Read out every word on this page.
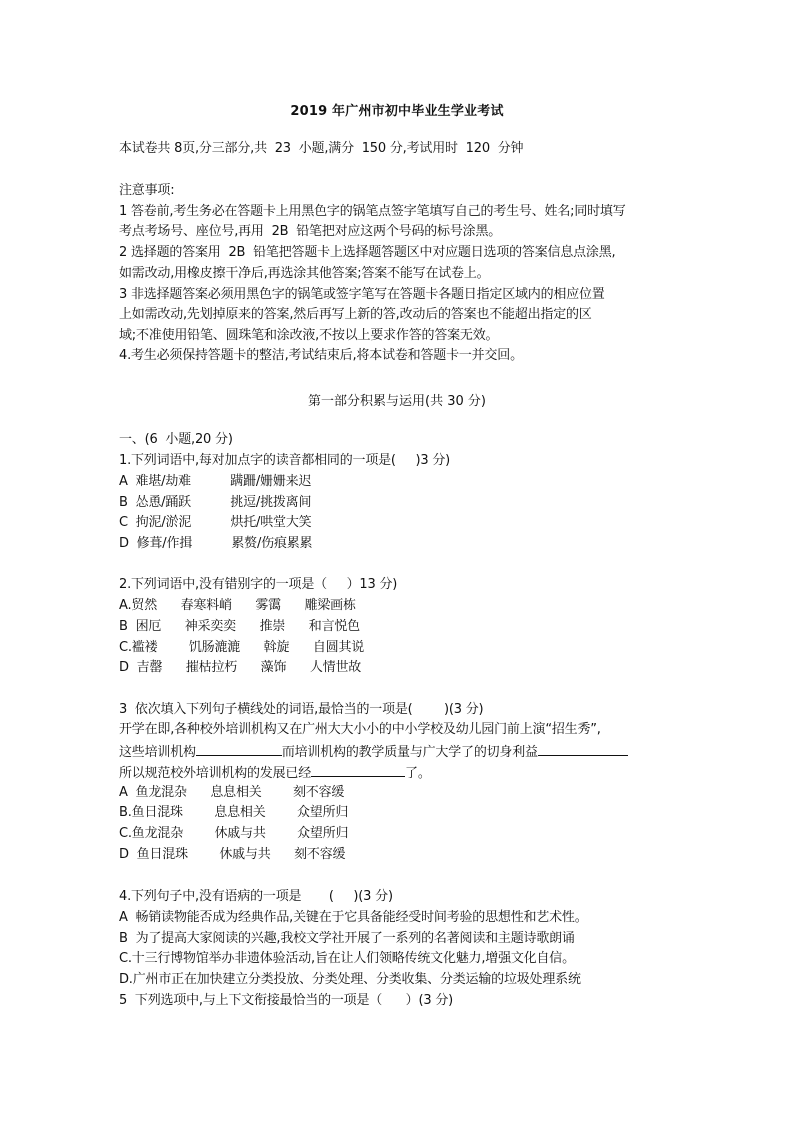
2019 年广州市初中毕业生学业考试
本试卷共 8页,分三部分,共  23  小题,满分  150 分,考试用时  120  分钟
注意事项:
1 答卷前,考生务必在答题卡上用黑色字的锅笔点签字笔填写自己的考生号、姓名;同时填写
考点考场号、座位号,再用  2B  铅笔把对应这两个号码的标号涂黑。
2 选择题的答案用  2B  铅笔把答题卡上选择题答题区中对应题日选项的答案信息点涂黑,
如需改动,用橡皮擦干净后,再选涂其他答案;答案不能写在试卷上。
3 非选择题答案必须用黑色字的锅笔或签字笔写在答题卡各题日指定区域内的相应位置
上如需改动,先划掉原来的答案,然后再写上新的答,改动后的答案也不能超出指定的区
域;不准使用铅笔、圆珠笔和涂改液,不按以上要求作答的答案无效。
4.考生必须保持答题卡的整洁,考试结束后,将本试卷和答题卡一并交回。
第一部分积累与运用(共 30 分)
一、(6  小题,20 分)
1.下列词语中,每对加点字的读音都相同的一项是(     )3 分)
A  难堪/劫难          蹒跚/姗姗来迟
B  怂恿/踊跃          挑逗/挑拨离间
C  拘泥/淤泥          烘托/哄堂大笑
D  修葺/作揖          累赘/伤痕累累
2.下列词语中,没有错别字的一项是（     ）13 分)
A.贸然      春寒料峭      雾霭      雕梁画栋
B  困厄      神采奕奕      推崇      和言悦色
C.褴褛        饥肠漉漉      斡旋      自圆其说
D  吉罄      摧枯拉朽      藻饰      人情世故
3  依次填入下列句子横线处的词语,最恰当的一项是(        )(3 分)
开学在即,各种校外培训机构又在广州大大小小的中小学校及幼儿园门前上演“招生秀”,
这些培训机构	而培训机构的教学质量与广大学了的切身利益
所以规范校外培训机构的发展已经	了。
A  鱼龙混杂      息息相关        刻不容缓
B.鱼日混珠        息息相关        众望所归
C.鱼龙混杂        休戚与共        众望所归
D  鱼日混珠        休戚与共      刻不容缓
4.下列句子中,没有语病的一项是       (     )(3 分)
A  畅销读物能否成为经典作品,关键在于它具备能经受时间考验的思想性和艺术性。
B  为了提高大家阅读的兴趣,我校文学社开展了一系列的名著阅读和主题诗歌朗诵
C.十三行博物馆举办非遗体验活动,旨在让人们领略传统文化魅力,增强文化自信。
D.广州市正在加快建立分类投放、分类处理、分类收集、分类运输的垃圾处理系统
5  下列选项中,与上下文衔接最恰当的一项是（      ）(3 分)
